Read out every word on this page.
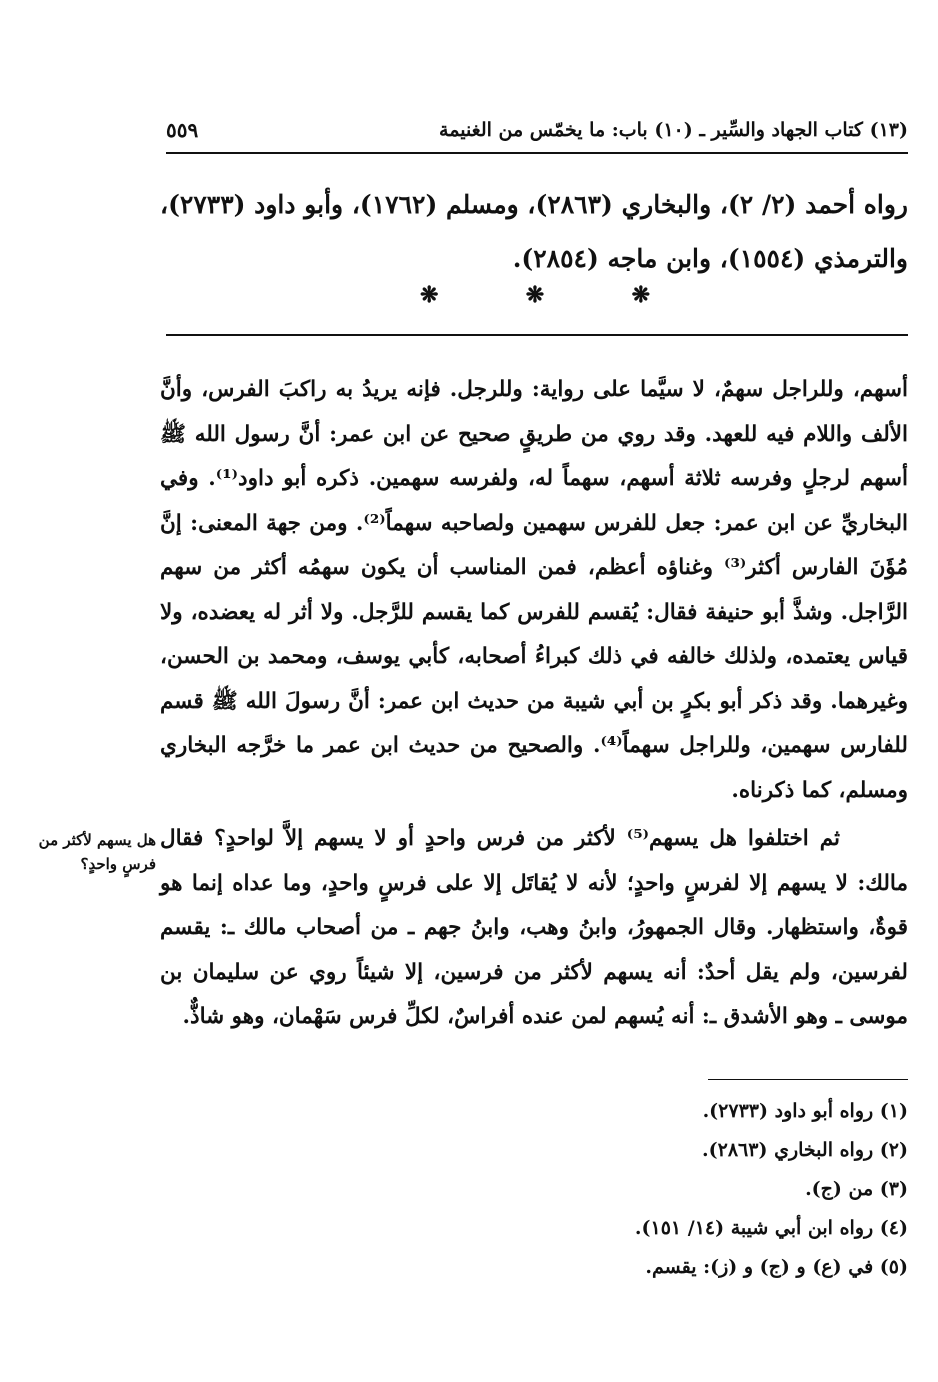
(١٣) كتاب الجهاد والسِّير ـ (١٠) باب: ما يخمّس من الغنيمة
٥٥٩
رواه أحمد (٢/ ٢)، والبخاري (٢٨٦٣)، ومسلم (١٧٦٢)، وأبو داود (٢٧٣٣)، والترمذي (١٥٥٤)، وابن ماجه (٢٨٥٤).
❋	❋	❋
أسهم، وللراجل سهمٌ، لا سيَّما على رواية: وللرجل. فإنه يريدُ به راكبَ الفرس، وأنَّ الألف واللام فيه للعهد. وقد روي من طريقٍ صحيح عن ابن عمر: أنَّ رسول الله ﷺ أسهم لرجلٍ وفرسه ثلاثة أسهم، سهماً له، ولفرسه سهمين. ذكره أبو داود⁽¹⁾. وفي البخاريِّ عن ابن عمر: جعل للفرس سهمين ولصاحبه سهماً⁽²⁾. ومن جهة المعنى: إنَّ مُؤَنَ الفارس أكثر⁽³⁾ وغناؤه أعظم، فمن المناسب أن يكون سهمُه أكثر من سهم الرَّاجل. وشذَّ أبو حنيفة فقال: يُقسم للفرس كما يقسم للرَّجل. ولا أثر له يعضده، ولا قياس يعتمده، ولذلك خالفه في ذلك كبراءُ أصحابه، كأبي يوسف، ومحمد بن الحسن، وغيرهما. وقد ذكر أبو بكرٍ بن أبي شيبة من حديث ابن عمر: أنَّ رسولَ الله ﷺ قسم للفارس سهمين، وللراجل سهماً⁽⁴⁾. والصحيح من حديث ابن عمر ما خرَّجه البخاري ومسلم، كما ذكرناه.
ثم اختلفوا هل يسهم⁽⁵⁾ لأكثر من فرس واحدٍ أو لا يسهم إلاَّ لواحدٍ؟ فقال مالك: لا يسهم إلا لفرسٍ واحدٍ؛ لأنه لا يُقاتَل إلا على فرسٍ واحدٍ، وما عداه إنما هو قوةٌ، واستظهار. وقال الجمهورُ، وابنُ وهب، وابنُ جهم ـ من أصحاب مالك ـ: يقسم لفرسين، ولم يقل أحدٌ: أنه يسهم لأكثر من فرسين، إلا شيئاً روي عن سليمان بن موسى ـ وهو الأشدق ـ: أنه يُسهم لمن عنده أفراسٌ، لكلِّ فرس سَهْمان، وهو شاذٌّ.
هل يسهم لأكثر من فرسٍ واحدٍ؟
(١) رواه أبو داود (٢٧٣٣).
(٢) رواه البخاري (٢٨٦٣).
(٣) من (ج).
(٤) رواه ابن أبي شيبة (١٤/ ١٥١).
(٥) في (ع) و (ج) و (ز): يقسم.
